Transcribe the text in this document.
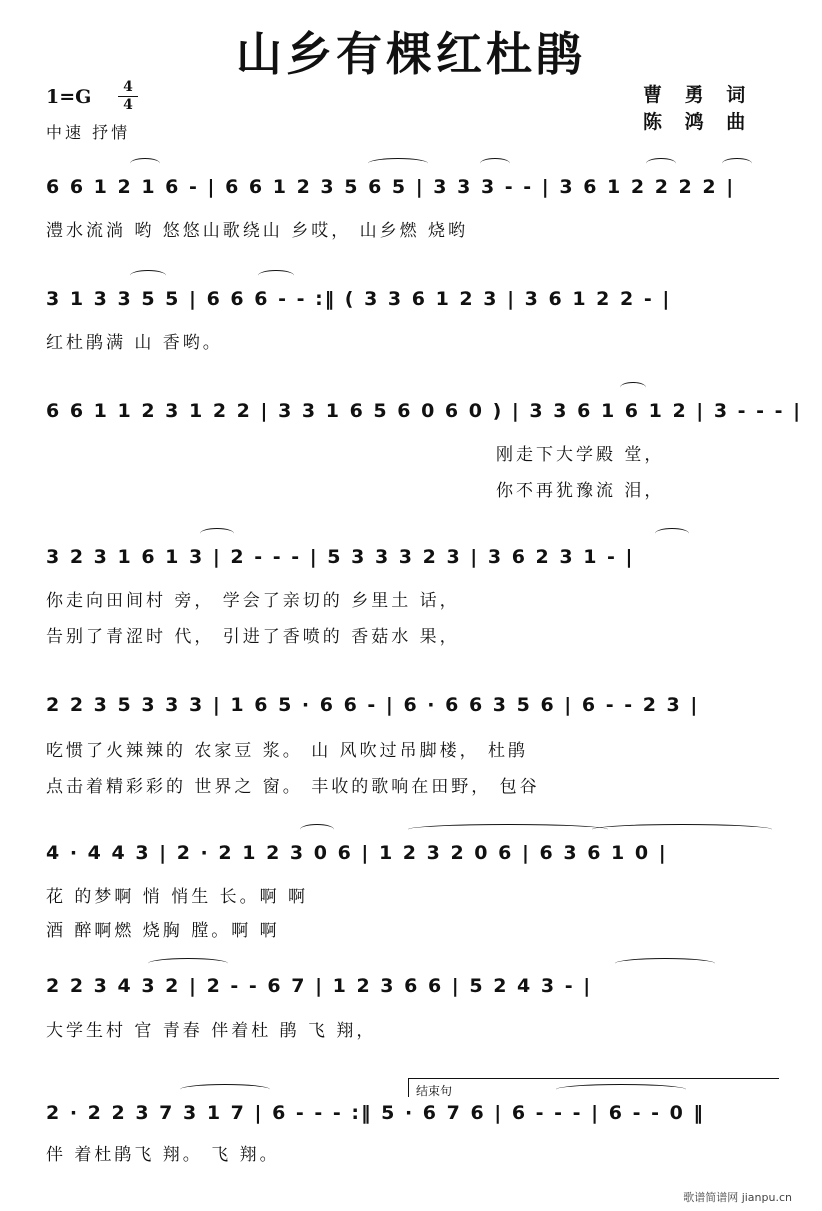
山乡有棵红杜鹃
1=G	4
4
中速 抒情
曹 勇 词
陈 鸿 曲
6 6 1 2 1 6 - | 6 6 1 2 3 5 6 5 | 3 3 3 - - | 3 6 1 2 2 2 2 |
澧水流淌 哟 悠悠山歌绕山 乡哎， 山乡燃 烧哟
3 1 3 3 5 5 | 6 6 6 - - :‖ ( 3 3 6 1 2 3 | 3 6 1 2 2 - |
红杜鹃满 山 香哟。
6 6 1 1 2 3 1 2 2 | 3 3 1 6 5 6 0 6 0 ) | 3 3 6 1 6 1 2 | 3 - - - |
刚走下大学殿 堂，
你不再犹豫流 泪，
3 2 3 1 6 1 3 | 2 - - - | 5 3 3 3 2 3 | 3 6 2 3 1 - |
你走向田间村 旁， 学会了亲切的 乡里土 话，
告别了青涩时 代， 引进了香喷的 香菇水 果，
2 2 3 5 3 3 3 | 1 6 5 · 6 6 - | 6 · 6 6 3 5 6 | 6 - - 2 3 |
吃惯了火辣辣的 农家豆 浆。 山 风吹过吊脚楼， 杜鹃
点击着精彩彩的 世界之 窗。 丰收的歌响在田野， 包谷
4 · 4 4 3 | 2 · 2 1 2 3 0 6 | 1 2 3 2 0 6 | 6 3 6 1 0 |
花 的梦啊 悄 悄生 长。啊 啊
酒 醉啊燃 烧胸 膛。啊 啊
2 2 3 4 3 2 | 2 - - 6 7 | 1 2 3 6 6 | 5 2 4 3 - |
大学生村 官 青春 伴着杜 鹃 飞 翔，
结束句
2 · 2 2 3 7 3 1 7 | 6 - - - :‖ 5 · 6 7 6 | 6 - - - | 6 - - 0 ‖
伴 着杜鹃飞 翔。 飞 翔。
歌谱简谱网 jianpu.cn
